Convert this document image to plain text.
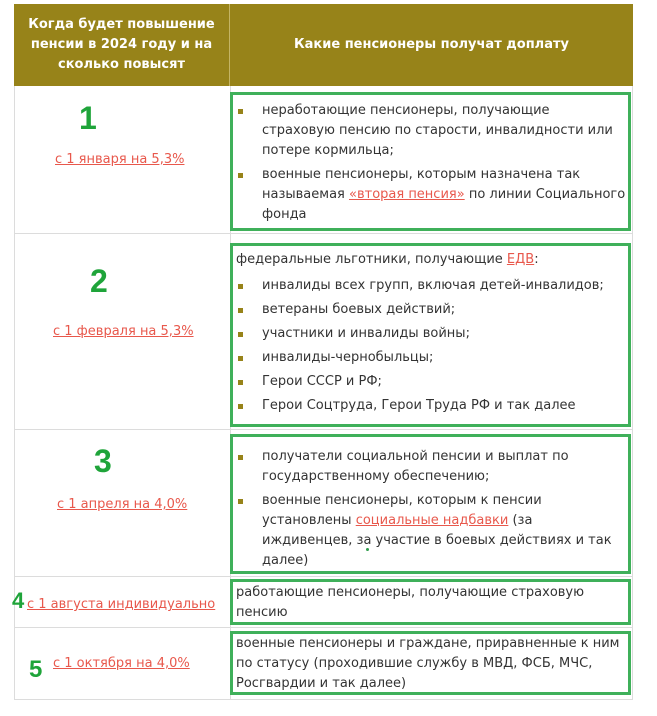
Когда будет повышение пенсии в 2024 году и на сколько повысят
Какие пенсионеры получат доплату
1
с 1 января на 5,3%
неработающие пенсионеры, получающие страховую пенсию по старости, инвалидности или потере кормильца;
военные пенсионеры, которым назначена так называемая «вторая пенсия» по линии Социального фонда
2
с 1 февраля на 5,3%

федеральные льготники, получающие ЕДВ:

инвалиды всех групп, включая детей-инвалидов;
ветераны боевых действий;
участники и инвалиды войны;
инвалиды-чернобыльцы;
Герои СССР и РФ;
Герои Соцтруда, Герои Труда РФ и так далее
3
с 1 апреля на 4,0%
получатели социальной пенсии и выплат по государственному обеспечению;
военные пенсионеры, которым к пенсии установлены социальные надбавки (за иждивенцев, за участие в боевых действиях и так далее)
4 с 1 августа индивидуально
работающие пенсионеры, получающие страховую пенсию
5 с 1 октября на 4,0%
военные пенсионеры и граждане, приравненные к ним по статусу (проходившие службу в МВД, ФСБ, МЧС, Росгвардии и так далее)
